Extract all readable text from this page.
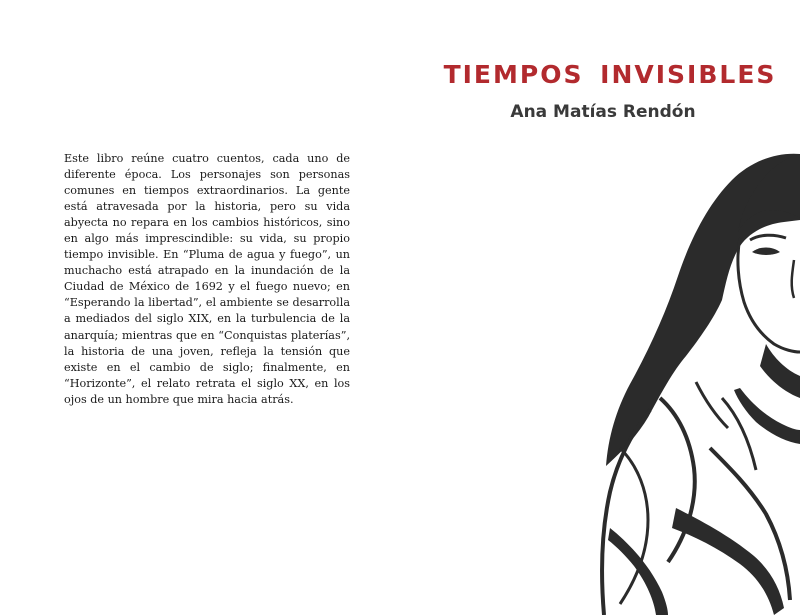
Este libro reúne cuatro cuentos, cada uno de diferente época. Los personajes son personas comunes en tiempos extraordinarios. La gente está atravesada por la historia, pero su vida abyecta no repara en los cambios históricos, sino en algo más imprescindible: su vida, su propio tiempo invisible. En “Pluma de agua y fuego”, un muchacho está atrapado en la inundación de la Ciudad de México de 1692 y el fuego nuevo; en “Esperando la libertad”, el ambiente se desarrolla a mediados del siglo XIX, en la turbulencia de la anarquía; mientras que en “Conquistas platerías”, la historia de una joven, refleja la tensión que existe en el cambio de siglo; finalmente, en “Horizonte”, el relato retrata el siglo XX, en los ojos de un hombre que mira hacia atrás.

TIEMPOS INVISIBLES
Ana Matías Rendón
